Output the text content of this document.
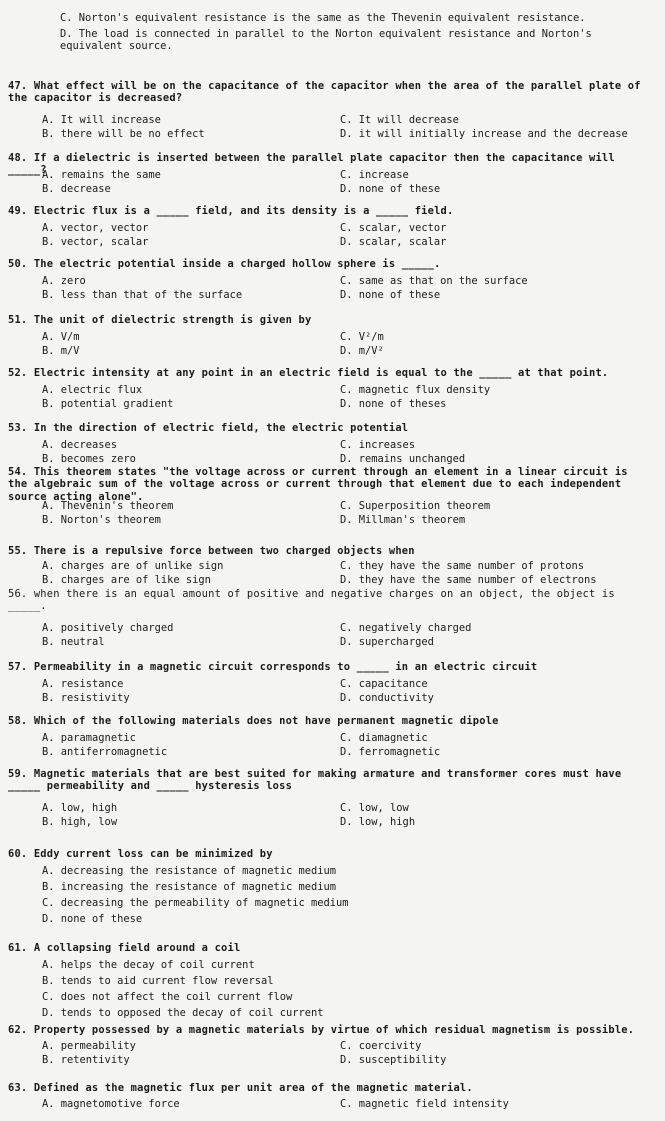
C. Norton's equivalent resistance is the same as the Thevenin equivalent resistance.
D. The load is connected in parallel to the Norton equivalent resistance and Norton's equivalent source.
47. What effect will be on the capacitance of the capacitor when the area of the parallel plate of the capacitor is decreased?
A. It will increase	C. It will decrease
B. there will be no effect	D. it will initially increase and the decrease
48. If a dielectric is inserted between the parallel plate capacitor then the capacitance will _____?
A. remains the same	C. increase
B. decrease	D. none of these
49. Electric flux is a _____ field, and its density is a _____ field.
A. vector, vector	C. scalar, vector
B. vector, scalar	D. scalar, scalar
50. The electric potential inside a charged hollow sphere is _____.
A. zero	C. same as that on the surface
B. less than that of the surface	D. none of these
51. The unit of dielectric strength is given by
A. V/m	C. V²/m
B. m/V	D. m/V²
52. Electric intensity at any point in an electric field is equal to the _____ at that point.
A. electric flux	C. magnetic flux density
B. potential gradient	D. none of theses
53. In the direction of electric field, the electric potential
A. decreases	C. increases
B. becomes zero	D. remains unchanged
54. This theorem states "the voltage across or current through an element in a linear circuit is the algebraic sum of the voltage across or current through that element due to each independent source acting alone".
A. Thevenin's theorem	C. Superposition theorem
B. Norton's theorem	D. Millman's theorem
55. There is a repulsive force between two charged objects when
A. charges are of unlike sign	C. they have the same number of protons
B. charges are of like sign	D. they have the same number of electrons
56. when there is an equal amount of positive and negative charges on an object, the object is _____.
A. positively charged	C. negatively charged
B. neutral	D. supercharged
57. Permeability in a magnetic circuit corresponds to _____ in an electric circuit
A. resistance	C. capacitance
B. resistivity	D. conductivity
58. Which of the following materials does not have permanent magnetic dipole
A. paramagnetic	C. diamagnetic
B. antiferromagnetic	D. ferromagnetic
59. Magnetic materials that are best suited for making armature and transformer cores must have _____ permeability and _____ hysteresis loss
A. low, high	C. low, low
B. high, low	D. low, high
60. Eddy current loss can be minimized by
A. decreasing the resistance of magnetic medium
B. increasing the resistance of magnetic medium
C. decreasing the permeability of magnetic medium
D. none of these
61. A collapsing field around a coil
A. helps the decay of coil current
B. tends to aid current flow reversal
C. does not affect the coil current flow
D. tends to opposed the decay of coil current
62. Property possessed by a magnetic materials by virtue of which residual magnetism is possible.
A. permeability	C. coercivity
B. retentivity	D. susceptibility
63. Defined as the magnetic flux per unit area of the magnetic material.
A. magnetomotive force	C. magnetic field intensity
